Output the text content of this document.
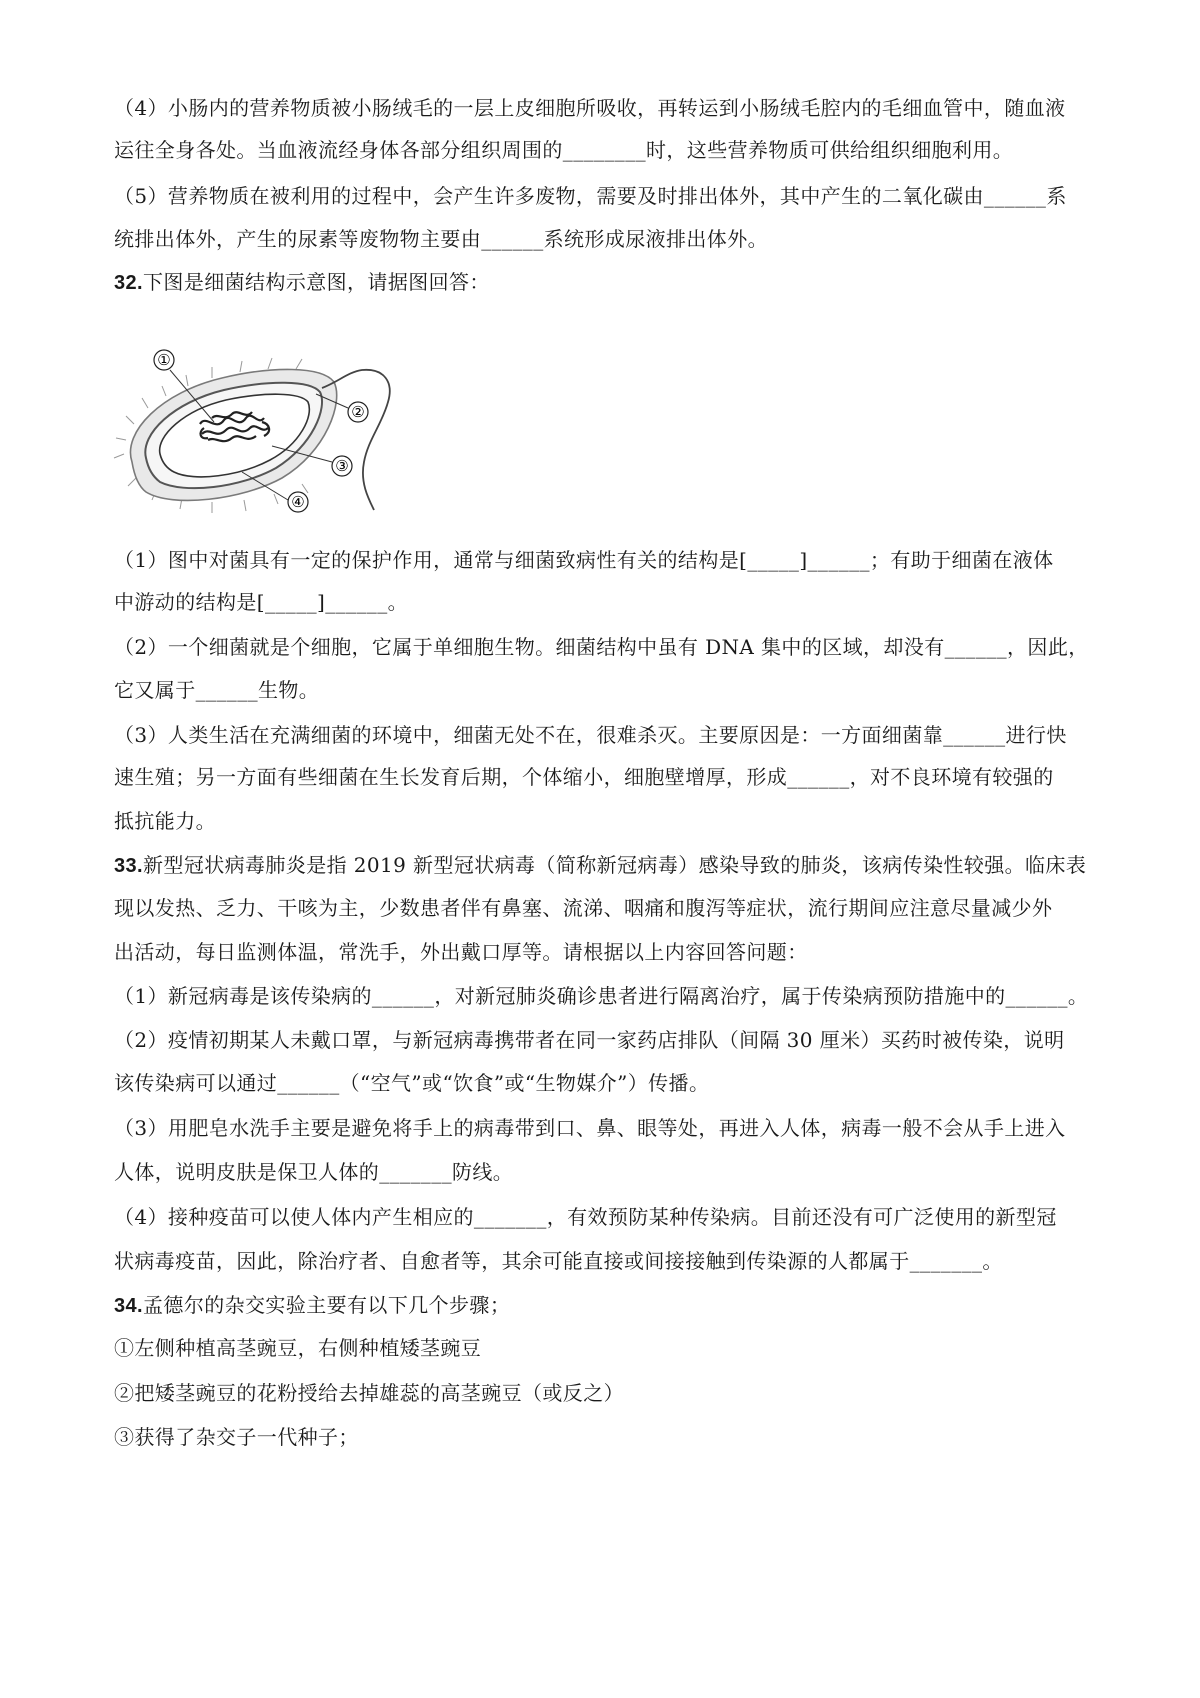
（4）小肠内的营养物质被小肠绒毛的一层上皮细胞所吸收，再转运到小肠绒毛腔内的毛细血管中，随血液
运往全身各处。当血液流经身体各部分组织周围的________时，这些营养物质可供给组织细胞利用。
（5）营养物质在被利用的过程中，会产生许多废物，需要及时排出体外，其中产生的二氧化碳由______系
统排出体外，产生的尿素等废物物主要由______系统形成尿液排出体外。
32.下图是细菌结构示意图，请据图回答：
①
②
③
④
（1）图中对菌具有一定的保护作用，通常与细菌致病性有关的结构是[_____]______；有助于细菌在液体
中游动的结构是[_____]______。
（2）一个细菌就是个细胞，它属于单细胞生物。细菌结构中虽有 DNA 集中的区域，却没有______，因此，
它又属于______生物。
（3）人类生活在充满细菌的环境中，细菌无处不在，很难杀灭。主要原因是：一方面细菌靠______进行快
速生殖；另一方面有些细菌在生长发育后期，个体缩小，细胞壁增厚，形成______，对不良环境有较强的
抵抗能力。
33.新型冠状病毒肺炎是指 2019 新型冠状病毒（简称新冠病毒）感染导致的肺炎，该病传染性较强。临床表
现以发热、乏力、干咳为主，少数患者伴有鼻塞、流涕、咽痛和腹泻等症状，流行期间应注意尽量减少外
出活动，每日监测体温，常洗手，外出戴口厚等。请根据以上内容回答问题：
（1）新冠病毒是该传染病的______，对新冠肺炎确诊患者进行隔离治疗，属于传染病预防措施中的______。
（2）疫情初期某人未戴口罩，与新冠病毒携带者在同一家药店排队（间隔 30 厘米）买药时被传染，说明
该传染病可以通过______（“空气”或“饮食”或“生物媒介”）传播。
（3）用肥皂水洗手主要是避免将手上的病毒带到口、鼻、眼等处，再进入人体，病毒一般不会从手上进入
人体，说明皮肤是保卫人体的_______防线。
（4）接种疫苗可以使人体内产生相应的_______，有效预防某种传染病。目前还没有可广泛使用的新型冠
状病毒疫苗，因此，除治疗者、自愈者等，其余可能直接或间接接触到传染源的人都属于_______。
34.孟德尔的杂交实验主要有以下几个步骤；
①左侧种植高茎豌豆，右侧种植矮茎豌豆
②把矮茎豌豆的花粉授给去掉雄蕊的高茎豌豆（或反之）
③获得了杂交子一代种子；
